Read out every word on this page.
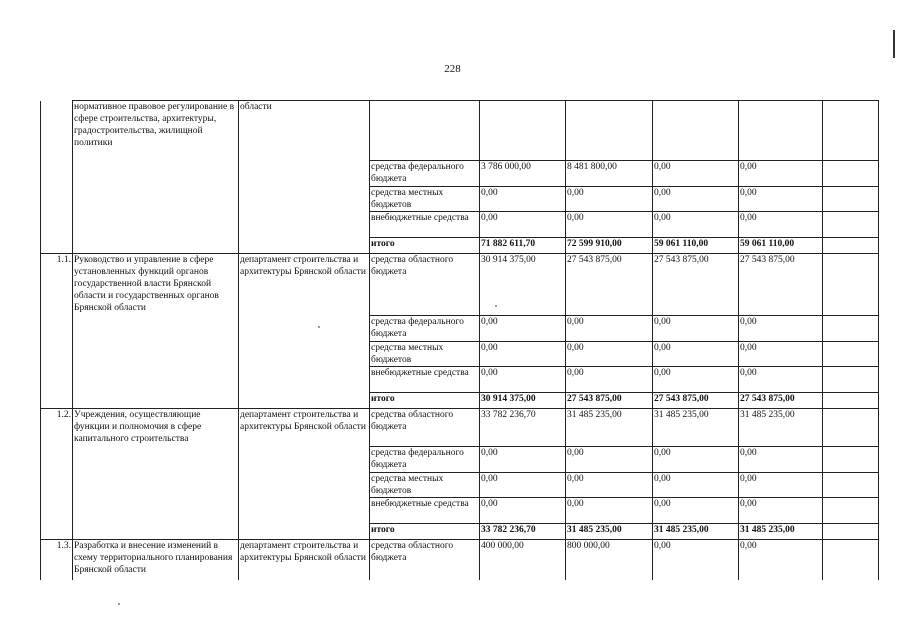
228
	нормативное правовое регулирование в сфере строительства, архитектуры, градостроительства, жилищной политики	области						
			средства федерального бюджета	3 786 000,00	8 481 800,00	0,00	0,00	
			средства местных бюджетов	0,00	0,00	0,00	0,00	
			внебюджетные средства	0,00	0,00	0,00	0,00	
			итого	71 882 611,70	72 599 910,00	59 061 110,00	59 061 110,00	
1.1.	Руководство и управление в сфере установленных функций органов государственной власти Брянской области и государственных органов Брянской области	департамент строительства и архитектуры Брянской области	средства областного бюджета	30 914 375,00	27 543 875,00	27 543 875,00	27 543 875,00	
			средства федерального бюджета	0,00	0,00	0,00	0,00	
			средства местных бюджетов	0,00	0,00	0,00	0,00	
			внебюджетные средства	0,00	0,00	0,00	0,00	
			итого	30 914 375,00	27 543 875,00	27 543 875,00	27 543 875,00	
1.2.	Учреждения, осуществляющие функции и полномочия в сфере капитального строительства	департамент строительства и архитектуры Брянской области	средства областного бюджета	33 782 236,70	31 485 235,00	31 485 235,00	31 485 235,00	
			средства федерального бюджета	0,00	0,00	0,00	0,00	
			средства местных бюджетов	0,00	0,00	0,00	0,00	
			внебюджетные средства	0,00	0,00	0,00	0,00	
			итого	33 782 236,70	31 485 235,00	31 485 235,00	31 485 235,00	
1.3.	Разработка и внесение изменений в схему территориального планирования Брянской области	департамент строительства и архитектуры Брянской области	средства областного бюджета	400 000,00	800 000,00	0,00	0,00	
